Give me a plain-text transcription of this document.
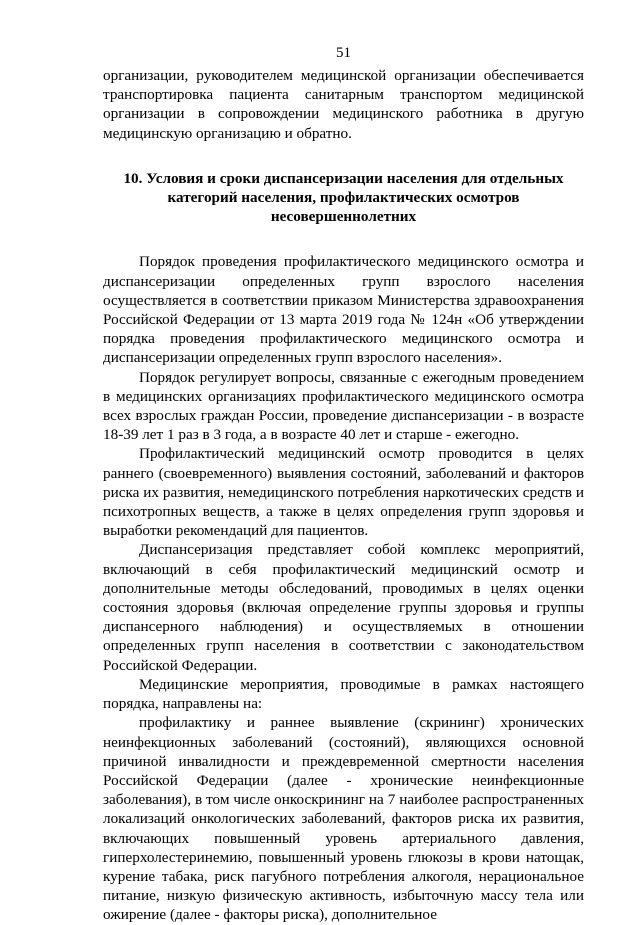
51

организации, руководителем медицинской организации обеспечивается транспортировка пациента санитарным транспортом медицинской организации в сопровождении медицинского работника в другую медицинскую организацию и обратно.

10. Условия и сроки диспансеризации населения для отдельных категорий населения, профилактических осмотров несовершеннолетних

Порядок проведения профилактического медицинского осмотра и диспансеризации определенных групп взрослого населения осуществляется в соответствии приказом Министерства здравоохранения Российской Федерации от 13 марта 2019 года № 124н «Об утверждении порядка проведения профилактического медицинского осмотра и диспансеризации определенных групп взрослого населения».

Порядок регулирует вопросы, связанные с ежегодным проведением в медицинских организациях профилактического медицинского осмотра всех взрослых граждан России, проведение диспансеризации - в возрасте 18-39 лет 1 раз в 3 года, а в возрасте 40 лет и старше - ежегодно.

Профилактический медицинский осмотр проводится в целях раннего (своевременного) выявления состояний, заболеваний и факторов риска их развития, немедицинского потребления наркотических средств и психотропных веществ, а также в целях определения групп здоровья и выработки рекомендаций для пациентов.

Диспансеризация представляет собой комплекс мероприятий, включающий в себя профилактический медицинский осмотр и дополнительные методы обследований, проводимых в целях оценки состояния здоровья (включая определение группы здоровья и группы диспансерного наблюдения) и осуществляемых в отношении определенных групп населения в соответствии с законодательством Российской Федерации.

Медицинские мероприятия, проводимые в рамках настоящего порядка, направлены на:

профилактику и раннее выявление (скрининг) хронических неинфекционных заболеваний (состояний), являющихся основной причиной инвалидности и преждевременной смертности населения Российской Федерации (далее - хронические неинфекционные заболевания), в том числе онкоскрининг на 7 наиболее распространенных локализаций онкологических заболеваний, факторов риска их развития, включающих повышенный уровень артериального давления, гиперхолестеринемию, повышенный уровень глюкозы в крови натощак, курение табака, риск пагубного потребления алкоголя, нерациональное питание, низкую физическую активность, избыточную массу тела или ожирение (далее - факторы риска), дополнительное
